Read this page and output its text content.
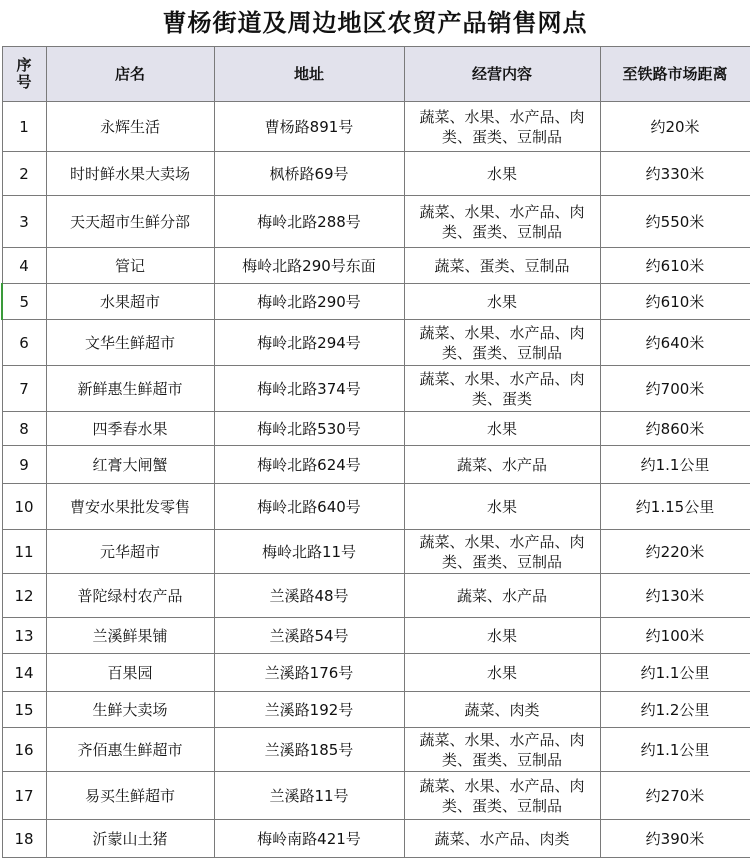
曹杨街道及周边地区农贸产品销售网点
序号	店名	地址	经营内容	至铁路市场距离
1	永辉生活	曹杨路891号	蔬菜、水果、水产品、肉类、蛋类、豆制品	约20米
2	时时鲜水果大卖场	枫桥路69号	水果	约330米
3	天天超市生鲜分部	梅岭北路288号	蔬菜、水果、水产品、肉类、蛋类、豆制品	约550米
4	管记	梅岭北路290号东面	蔬菜、蛋类、豆制品	约610米
5	水果超市	梅岭北路290号	水果	约610米
6	文华生鲜超市	梅岭北路294号	蔬菜、水果、水产品、肉类、蛋类、豆制品	约640米
7	新鲜惠生鲜超市	梅岭北路374号	蔬菜、水果、水产品、肉类、蛋类	约700米
8	四季春水果	梅岭北路530号	水果	约860米
9	红膏大闸蟹	梅岭北路624号	蔬菜、水产品	约1.1公里
10	曹安水果批发零售	梅岭北路640号	水果	约1.15公里
11	元华超市	梅岭北路11号	蔬菜、水果、水产品、肉类、蛋类、豆制品	约220米
12	普陀绿村农产品	兰溪路48号	蔬菜、水产品	约130米
13	兰溪鲜果铺	兰溪路54号	水果	约100米
14	百果园	兰溪路176号	水果	约1.1公里
15	生鲜大卖场	兰溪路192号	蔬菜、肉类	约1.2公里
16	齐佰惠生鲜超市	兰溪路185号	蔬菜、水果、水产品、肉类、蛋类、豆制品	约1.1公里
17	易买生鲜超市	兰溪路11号	蔬菜、水果、水产品、肉类、蛋类、豆制品	约270米
18	沂蒙山土猪	梅岭南路421号	蔬菜、水产品、肉类	约390米
